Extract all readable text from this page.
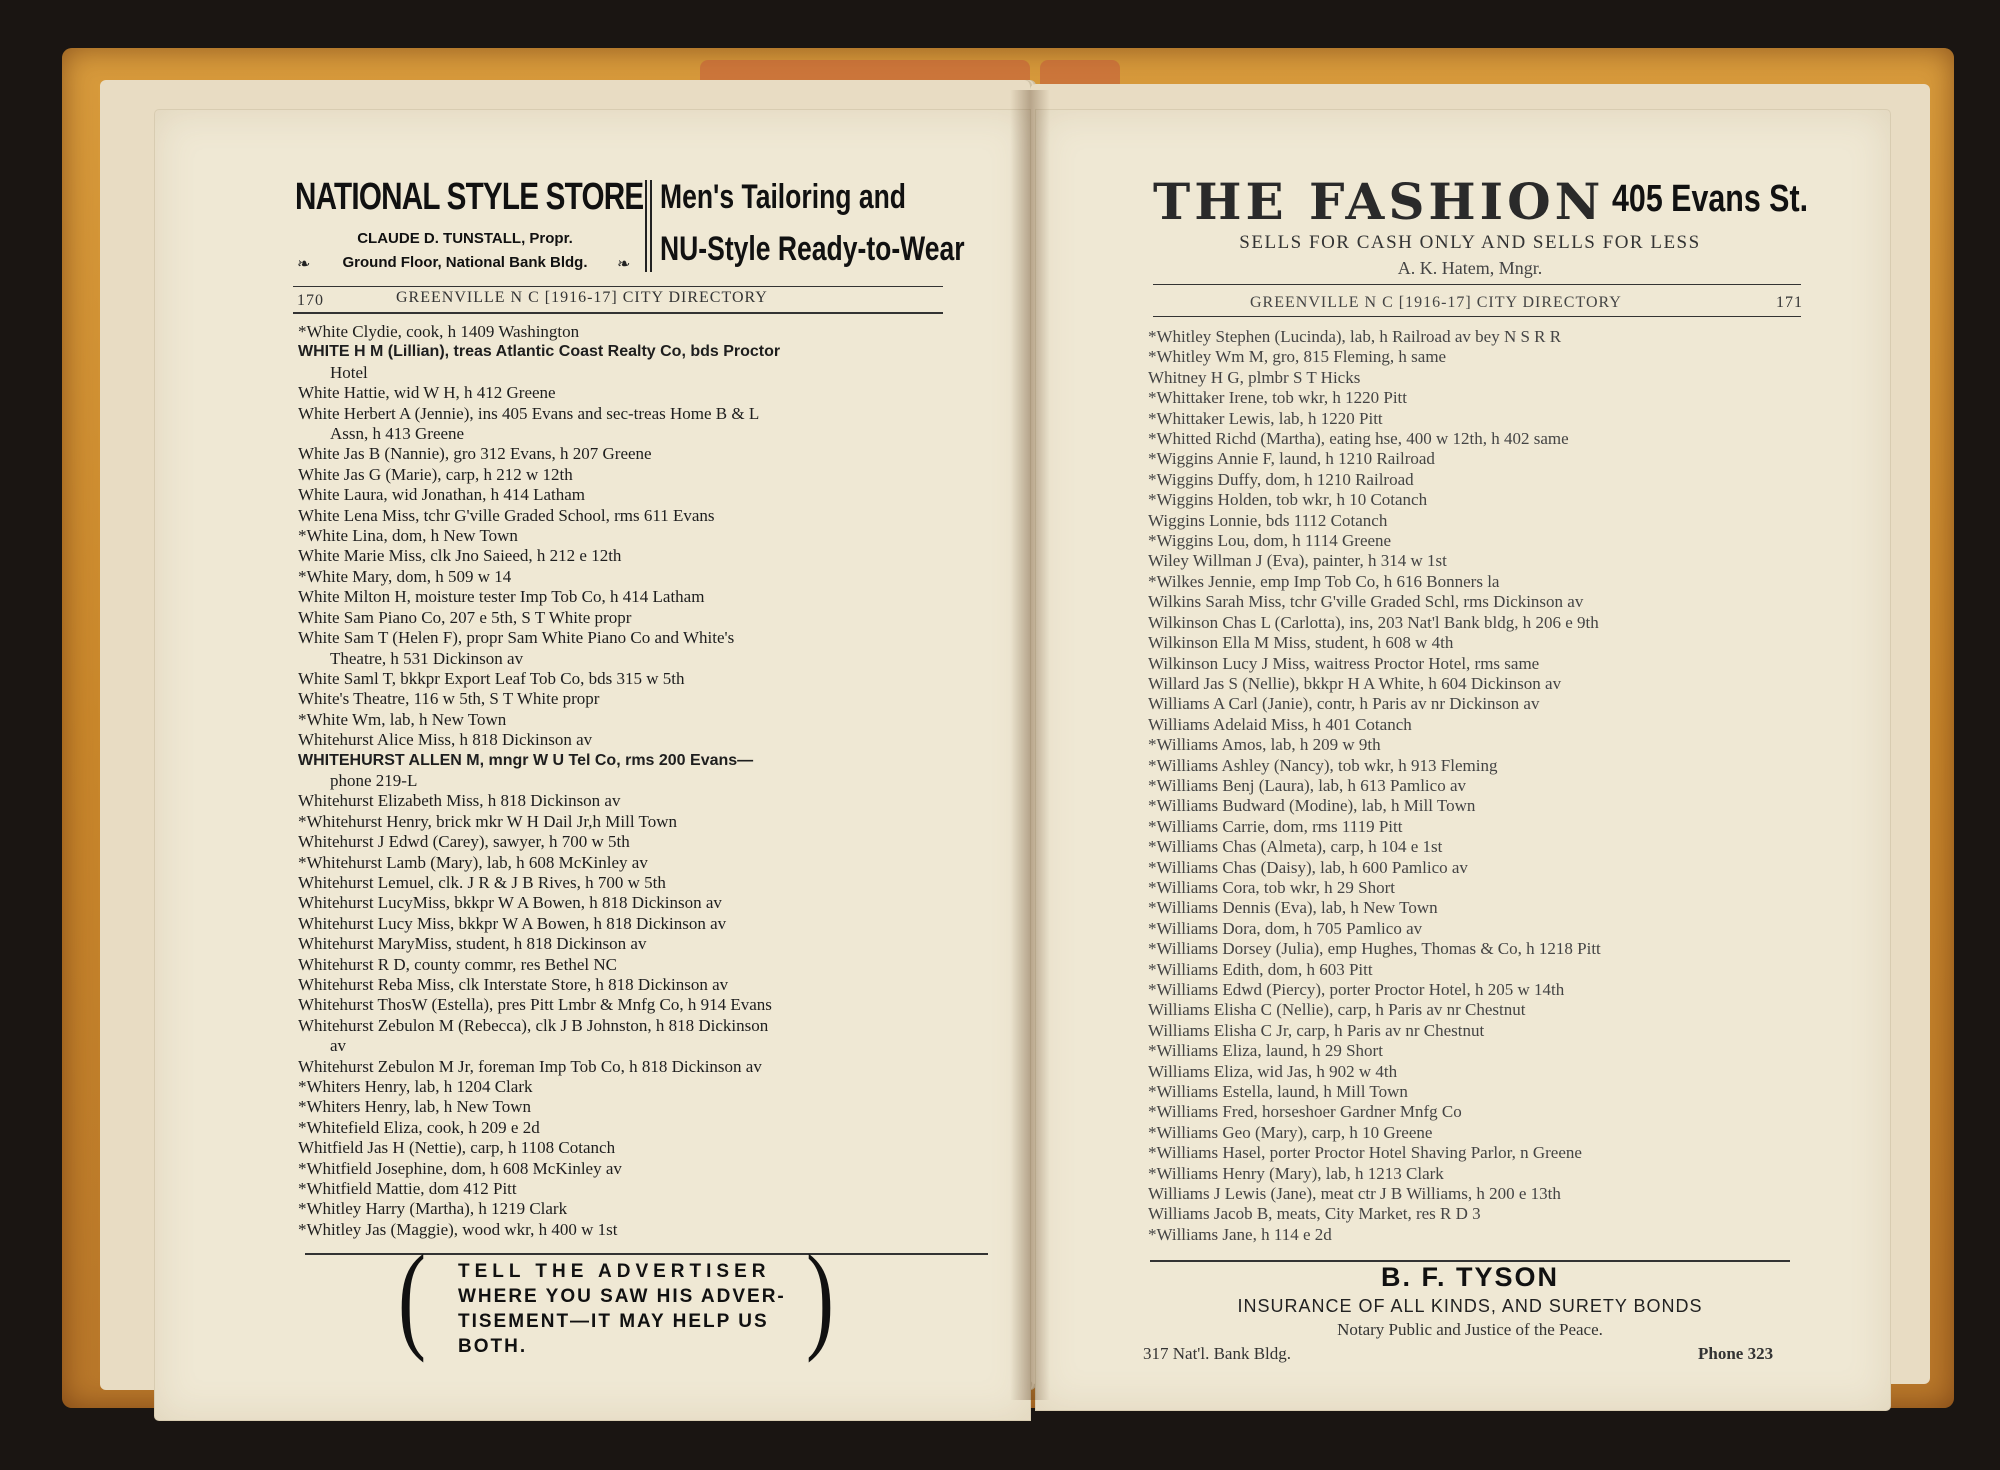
NATIONAL STYLE STORE
CLAUDE D. TUNSTALL, Propr.
Ground Floor, National Bank Bldg.
❧	❧
Men's Tailoring and
NU-Style Ready-to-Wear
170	GREENVILLE N C [1916-17] CITY DIRECTORY
*White Clydie, cook, h 1409 Washington
WHITE H M (Lillian), treas Atlantic Coast Realty Co, bds Proctor
Hotel
White Hattie, wid W H, h 412 Greene
White Herbert A (Jennie), ins 405 Evans and sec-treas Home B & L
Assn, h 413 Greene
White Jas B (Nannie), gro 312 Evans, h 207 Greene
White Jas G (Marie), carp, h 212 w 12th
White Laura, wid Jonathan, h 414 Latham
White Lena Miss, tchr G'ville Graded School, rms 611 Evans
*White Lina, dom, h New Town
White Marie Miss, clk Jno Saieed, h 212 e 12th
*White Mary, dom, h 509 w 14
White Milton H, moisture tester Imp Tob Co, h 414 Latham
White Sam Piano Co, 207 e 5th, S T White propr
White Sam T (Helen F), propr Sam White Piano Co and White's
Theatre, h 531 Dickinson av
White Saml T, bkkpr Export Leaf Tob Co, bds 315 w 5th
White's Theatre, 116 w 5th, S T White propr
*White Wm, lab, h New Town
Whitehurst Alice Miss, h 818 Dickinson av
WHITEHURST ALLEN M, mngr W U Tel Co, rms 200 Evans—
phone 219-L
Whitehurst Elizabeth Miss, h 818 Dickinson av
*Whitehurst Henry, brick mkr W H Dail Jr,h Mill Town
Whitehurst J Edwd (Carey), sawyer, h 700 w 5th
*Whitehurst Lamb (Mary), lab, h 608 McKinley av
Whitehurst Lemuel, clk. J R & J B Rives, h 700 w 5th
Whitehurst LucyMiss, bkkpr W A Bowen, h 818 Dickinson av
Whitehurst Lucy Miss, bkkpr W A Bowen, h 818 Dickinson av
Whitehurst MaryMiss, student, h 818 Dickinson av
Whitehurst R D, county commr, res Bethel NC
Whitehurst Reba Miss, clk Interstate Store, h 818 Dickinson av
Whitehurst ThosW (Estella), pres Pitt Lmbr & Mnfg Co, h 914 Evans
Whitehurst Zebulon M (Rebecca), clk J B Johnston, h 818 Dickinson
av
Whitehurst Zebulon M Jr, foreman Imp Tob Co, h 818 Dickinson av
*Whiters Henry, lab, h 1204 Clark
*Whiters Henry, lab, h New Town
*Whitefield Eliza, cook, h 209 e 2d
Whitfield Jas H (Nettie), carp, h 1108 Cotanch
*Whitfield Josephine, dom, h 608 McKinley av
*Whitfield Mattie, dom 412 Pitt
*Whitley Harry (Martha), h 1219 Clark
*Whitley Jas (Maggie), wood wkr, h 400 w 1st
( TELL THE ADVERTISER
WHERE YOU SAW HIS ADVER-
TISEMENT—IT MAY HELP US
BOTH.	)
THE FASHION 405 Evans St.
SELLS FOR CASH ONLY AND SELLS FOR LESS
A. K. Hatem, Mngr.
GREENVILLE N C [1916-17] CITY DIRECTORY	171
*Whitley Stephen (Lucinda), lab, h Railroad av bey N S R R
*Whitley Wm M, gro, 815 Fleming, h same
Whitney H G, plmbr S T Hicks
*Whittaker Irene, tob wkr, h 1220 Pitt
*Whittaker Lewis, lab, h 1220 Pitt
*Whitted Richd (Martha), eating hse, 400 w 12th, h 402 same
*Wiggins Annie F, laund, h 1210 Railroad
*Wiggins Duffy, dom, h 1210 Railroad
*Wiggins Holden, tob wkr, h 10 Cotanch
Wiggins Lonnie, bds 1112 Cotanch
*Wiggins Lou, dom, h 1114 Greene
Wiley Willman J (Eva), painter, h 314 w 1st
*Wilkes Jennie, emp Imp Tob Co, h 616 Bonners la
Wilkins Sarah Miss, tchr G'ville Graded Schl, rms Dickinson av
Wilkinson Chas L (Carlotta), ins, 203 Nat'l Bank bldg, h 206 e 9th
Wilkinson Ella M Miss, student, h 608 w 4th
Wilkinson Lucy J Miss, waitress Proctor Hotel, rms same
Willard Jas S (Nellie), bkkpr H A White, h 604 Dickinson av
Williams A Carl (Janie), contr, h Paris av nr Dickinson av
Williams Adelaid Miss, h 401 Cotanch
*Williams Amos, lab, h 209 w 9th
*Williams Ashley (Nancy), tob wkr, h 913 Fleming
*Williams Benj (Laura), lab, h 613 Pamlico av
*Williams Budward (Modine), lab, h Mill Town
*Williams Carrie, dom, rms 1119 Pitt
*Williams Chas (Almeta), carp, h 104 e 1st
*Williams Chas (Daisy), lab, h 600 Pamlico av
*Williams Cora, tob wkr, h 29 Short
*Williams Dennis (Eva), lab, h New Town
*Williams Dora, dom, h 705 Pamlico av
*Williams Dorsey (Julia), emp Hughes, Thomas & Co, h 1218 Pitt
*Williams Edith, dom, h 603 Pitt
*Williams Edwd (Piercy), porter Proctor Hotel, h 205 w 14th
Williams Elisha C (Nellie), carp, h Paris av nr Chestnut
Williams Elisha C Jr, carp, h Paris av nr Chestnut
*Williams Eliza, laund, h 29 Short
Williams Eliza, wid Jas, h 902 w 4th
*Williams Estella, laund, h Mill Town
*Williams Fred, horseshoer Gardner Mnfg Co
*Williams Geo (Mary), carp, h 10 Greene
*Williams Hasel, porter Proctor Hotel Shaving Parlor, n Greene
*Williams Henry (Mary), lab, h 1213 Clark
Williams J Lewis (Jane), meat ctr J B Williams, h 200 e 13th
Williams Jacob B, meats, City Market, res R D 3
*Williams Jane, h 114 e 2d
B. F. TYSON
INSURANCE OF ALL KINDS, AND SURETY BONDS
Notary Public and Justice of the Peace.
317 Nat'l. Bank Bldg.	Phone 323
